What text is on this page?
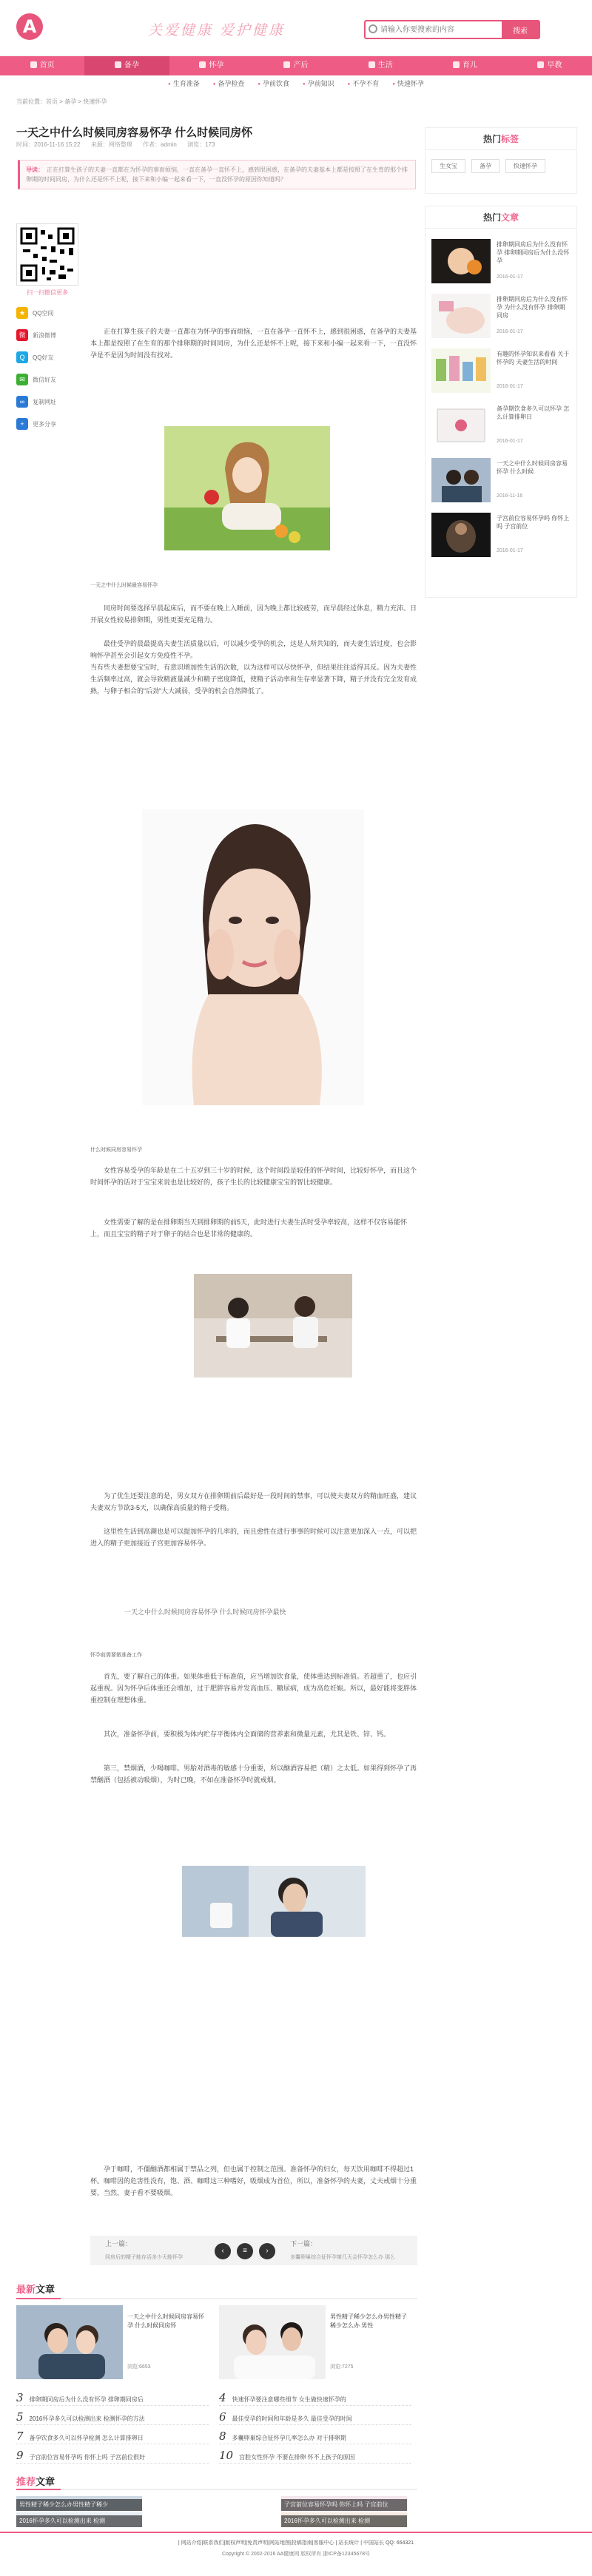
A	关爱健康 爱护健康
请输入你要搜索的内容	搜索
首页	备孕	怀孕	产后	生活	育儿	早教
● 生育准备	● 备孕检查	● 孕前饮食	● 孕前知识	● 不孕不育	● 快速怀孕
当前位置：首页 > 备孕 > 快速怀孕
一天之中什么时候同房容易怀孕 什么时候同房怀
时间：2016-11-16 15:22 来源：网络整理 作者：admin 浏览：173
导读： 正在打算生孩子的夫妻一直都在为怀孕的事而烦恼，一直在备孕一直怀不上，感到很困惑，在备孕的夫妻基本上都是按照了在生育的那个排卵期的时间同房，为什么还是怀不上呢，接下来和小编一起来看一下，一直没怀孕的原因你知道吗？
扫一扫微信更多
★	QQ空间
微	新浪微博
Q	QQ好友
✉	微信好友
∞	复制网址
+	更多分享
正在打算生孩子的夫妻一直都在为怀孕的事而烦恼，一直在备孕一直怀不上，感到很困惑，在备孕的夫妻基本上都是按照了在生育的那个排卵期的时间同房，为什么还是怀不上呢，接下来和小编一起来看一下，一直没怀孕是不是因为时间没有找对。
一天之中什么时候最容易怀孕
同房时间要选择早晨起床后，而不要在晚上入睡前，因为晚上都比较疲劳，而早晨经过休息，精力充沛。日开展女性较易排卵期，男性更要充足精力。
最佳受孕的晨最提高夫妻生活质量以后，可以减少受孕的机会，这是人所共知的，而夫妻生活过度，也会影响怀孕甚至会引起女方免疫性不孕。
当有些夫妻想要宝宝时，有意识增加性生活的次数，以为这样可以尽快怀孕，但结果往往适得其反。因为夫妻性生活频率过高，就会导致精液量减少和精子密度降低，使精子活动率和生存率显著下降，精子并没有完全发育成熟，与卵子相合的“后劲”大大减弱，受孕的机会自然降低了。
什么时候同房容易怀孕
女性容易受孕的年龄是在二十五岁到三十岁的时候，这个时间段是较佳的怀孕时间，比较好怀孕，而且这个时间怀孕的话对于宝宝来说也是比较好的，孩子生长的比较健康宝宝的智比较健康。
女性需要了解的是在排卵期当天到排卵期的前5天，此时进行夫妻生活时受孕率较高，这样不仅容易能怀上，而且宝宝的精子对于卵子的结合也是非常的健康的。
为了优生还要注意的是，男女双方在排卵期前后最好是一段时间的禁事，可以使夫妻双方的精血旺盛，建议夫妻双方节欲3-5天，以确保高质量的精子受精。
这里性生活到高潮也是可以提加怀孕的几率的，而且愈性在进行事事的时候可以注意更加深入一点，可以把进入的精子更加接近子宫更加容易怀孕。
一天之中什么时候同房容易怀孕 什么时候同房怀孕最快
怀孕前需要做准备工作
首先，要了解自己的体重。如果体重低于标准值，应当增加饮食量，使体重达到标准值。若超重了，也应引起重视。因为怀孕后体重还会增加，过于肥胖容易并发高血压、糖尿病，成为高危妊娠。所以，最好能将变胖体重控制在理想体重。
其次，准备怀孕前，要积极为体内贮存平衡体内全面储的营养素和微量元素，尤其是铁、锌、钙。
第三，禁烟酒，少喝咖啡。男胎对酒毒的敏感十分重要，所以酗酒容易把（精）之太低。如果得到怀孕了再禁酗酒（包括被动吸烟），为时已晚，不如在准备怀孕时就戒烟。
孕于咖啡，不僵酗酒都相属于禁品之列，但也属于控制之范围。准备怀孕的妇女，每天饮用咖啡不得超过1杯。咖啡因的危害性没有，饱、酒、咖啡这三种嗜好，吸烟成为首位，所以，准备怀孕的夫妻，丈夫戒烟十分重要，当然，妻子看不要吸烟。
上一篇：
同房后的精子能存活多少天能怀孕
‹	≡	›
下一篇：
多囊卵巢综合征怀孕第几天会怀孕怎么办 那么
最新文章
一天之中什么时候同房容易怀孕 什么时候同房怀
浏览:6653
男性精子稀少怎么办男性精子稀少怎么办 男性
浏览:7275
3 排卵期同房后为什么没有怀孕 排卵期同房后	4 快速怀孕要注意哪些细节 女生做快速怀孕的
5 2016怀孕多久可以检测出来 检测怀孕的方法	6 最佳受孕的时间和年龄是多久 最佳受孕的时间
7 备孕饮食多久可以怀孕检测 怎么计算排卵日	8 多囊卵巢综合征怀孕几率怎么办 对于排卵期
9 子宫前位容易怀孕吗 你怀上吗 子宫前位很好	10 宫腔女性怀孕 不要在排卵 怀不上孩子的原因
热门标签
生女宝	备孕	快速怀孕
热门文章
排卵期同房后为什么没有怀孕 排卵期同房后为什么没怀孕
2016-01-17
排卵期同房后为什么没有怀孕 为什么没有怀孕 排卵期同房
2016-01-17
有趣的怀孕知识来看看 关于怀孕的 夫妻生活的时间
2016-01-17
备孕期饮食多久可以怀孕 怎么计算排卵日
2016-01-17
一天之中什么时候同房容易怀孕 什么时候
2016-11-16
子宫前位容易怀孕吗 你怀上吗 子宫前位
2016-01-17
推荐文章
男性精子稀少怎么办男性精子稀少	子宫前位容易怀孕吗 你怀上吗 子宫前位
2016怀孕多久可以检测出来 检测	2016怀孕多久可以检测出来 检测
| 网站介绍|联系我们|版权声明|免责声明|网站地图|投稿指南|客服中心 | 站长统计 | 中国站长 QQ: 654321
Copyright © 2002-2016 AA健康网 版权所有 浙ICP备12345678号
